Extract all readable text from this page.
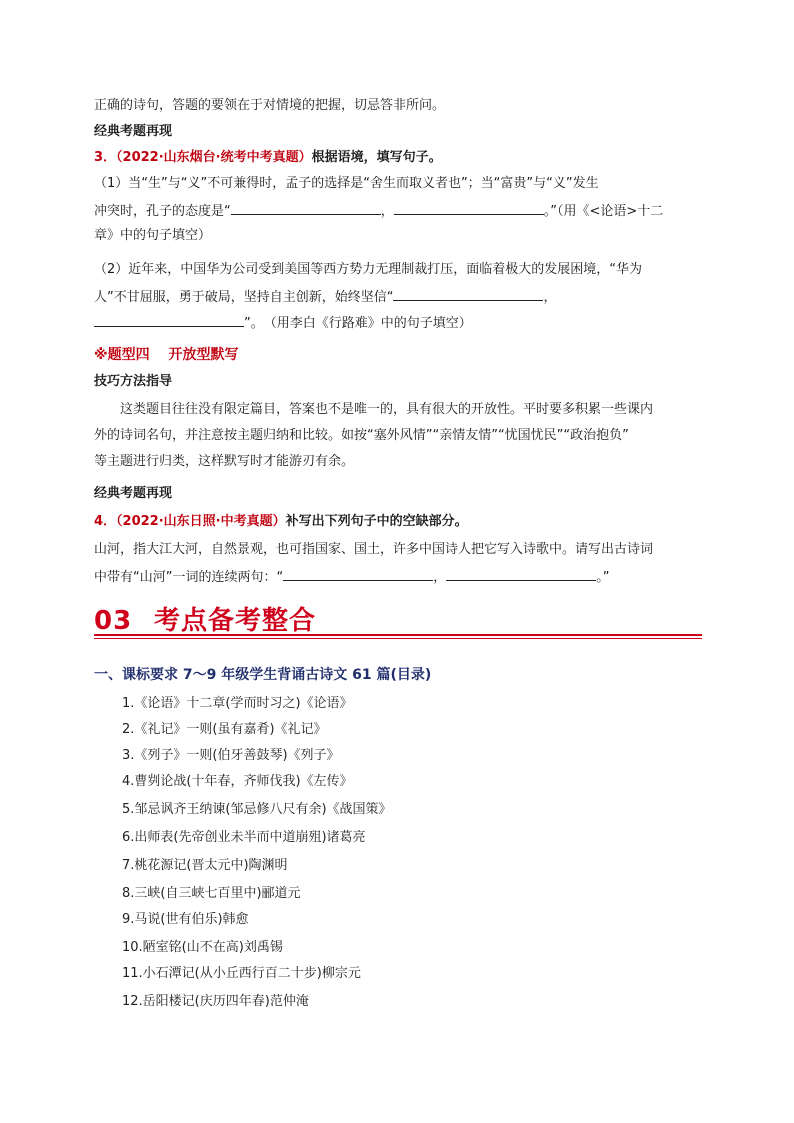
正确的诗句，答题的要领在于对情境的把握，切忌答非所问。
经典考题再现
3．（2022·山东烟台·统考中考真题）根据语境，填写句子。
（1）当“生”与“义”不可兼得时，孟子的选择是“舍生而取义者也”；当“富贵”与“义”发生
冲突时，孔子的态度是“	，	。”（用《<论语>十二
章》中的句子填空）
（2）近年来，中国华为公司受到美国等西方势力无理制裁打压，面临着极大的发展困境，“华为
人”不甘屈服，勇于破局，坚持自主创新，始终坚信“	，
”。　（用李白《行路难》中的句子填空）
※题型四　 开放型默写
技巧方法指导
这类题目往往没有限定篇目，答案也不是唯一的，具有很大的开放性。平时要多积累一些课内
外的诗词名句，并注意按主题归纳和比较。如按“塞外风情”“亲情友情”“忧国忧民”“政治抱负”
等主题进行归类，这样默写时才能游刃有余。
经典考题再现
4．（2022·山东日照·中考真题）补写出下列句子中的空缺部分。
山河，指大江大河，自然景观，也可指国家、国土，许多中国诗人把它写入诗歌中。请写出古诗词
中带有“山河”一词的连续两句：“	，	。”
03 考点备考整合
一、课标要求 7～9 年级学生背诵古诗文 61 篇(目录)
1.《论语》十二章(学而时习之)《论语》
2.《礼记》一则(虽有嘉肴)《礼记》
3.《列子》一则(伯牙善鼓琴)《列子》
4.曹刿论战(十年春，齐师伐我)《左传》
5.邹忌讽齐王纳谏(邹忌修八尺有余)《战国策》
6.出师表(先帝创业未半而中道崩殂)诸葛亮
7.桃花源记(晋太元中)陶渊明
8.三峡(自三峡七百里中)郦道元
9.马说(世有伯乐)韩愈
10.陋室铭(山不在高)刘禹锡
11.小石潭记(从小丘西行百二十步)柳宗元
12.岳阳楼记(庆历四年春)范仲淹
